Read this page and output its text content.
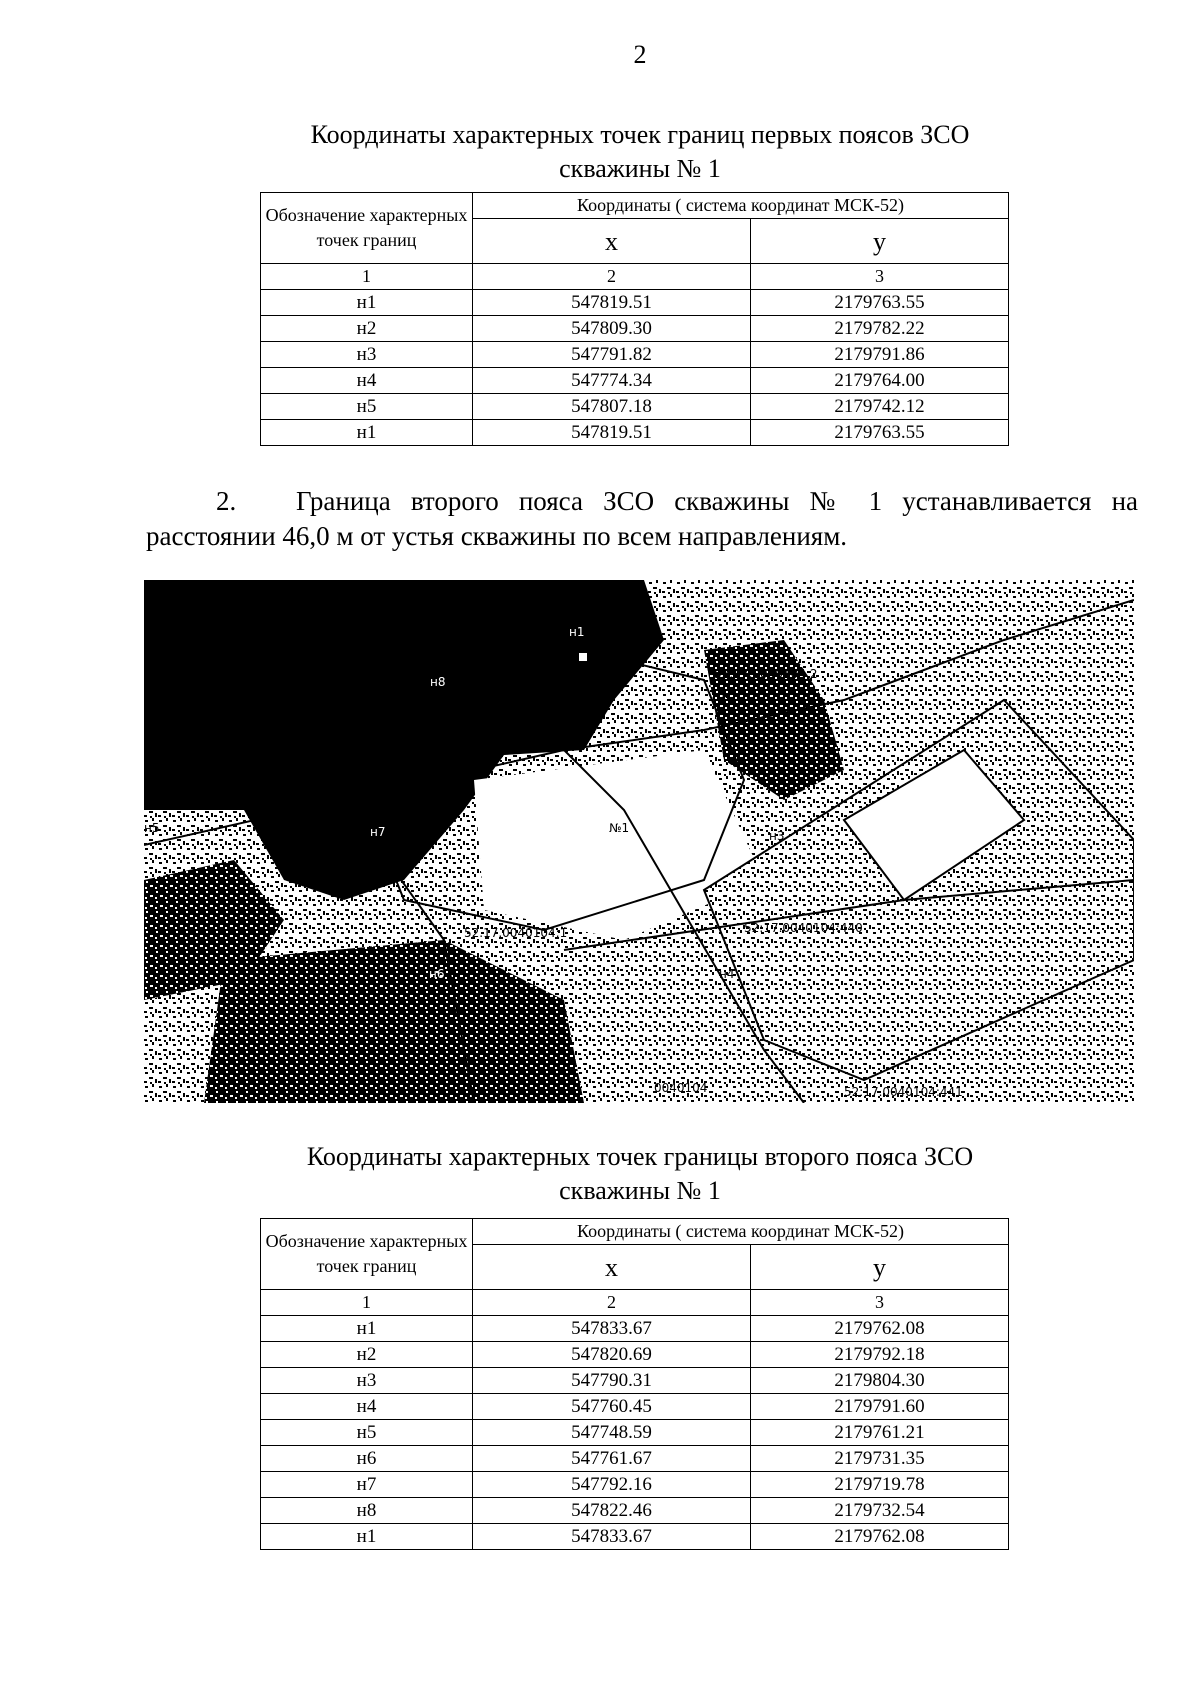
2
Координаты характерных точек границ первых поясов ЗСО
скважины № 1
Обозначение характерных точек границ	Координаты ( система координат МСК-52)	
	х	у
1	2	3
н1	547819.51	2179763.55
н2	547809.30	2179782.22
н3	547791.82	2179791.86
н4	547774.34	2179764.00
н5	547807.18	2179742.12
н1	547819.51	2179763.55
2. Граница второго пояса ЗСО скважины № 1 устанавливается на расстоянии 46,0 м от устья скважины по всем направлениям.
н1
н2
н3
н4
н5
н6
н7
н8
№1
52:17.0040104:2
52.17.0040104:1	52:17.0040104:440
52:17.0040104:441
0040104
Координаты характерных точек границы второго пояса ЗСО
скважины № 1
Обозначение характерных точек границ	Координаты ( система координат МСК-52)	
	х	у
1	2	3
н1	547833.67	2179762.08
н2	547820.69	2179792.18
н3	547790.31	2179804.30
н4	547760.45	2179791.60
н5	547748.59	2179761.21
н6	547761.67	2179731.35
н7	547792.16	2179719.78
н8	547822.46	2179732.54
н1	547833.67	2179762.08
